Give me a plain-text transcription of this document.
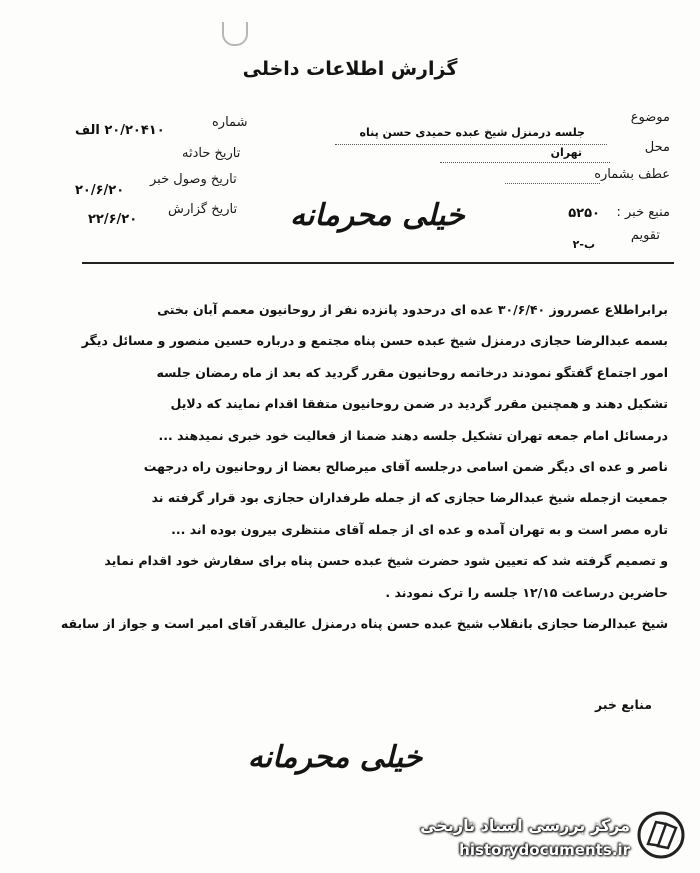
گزارش اطلاعات داخلی
موضوع
جلسه درمنزل شیخ عبده حمیدی حسن پناه
محل
تهران
عطف بشماره
منبع خبر :
۵۲۵۰
تقویم
ب-۲
شماره
۲۰/۲۰۴۱۰ الف
تاریخ حادثه
تاریخ وصول خبر
۲۰/۶/۲۰
تاریخ گزارش
۲۲/۶/۲۰	خیلی محرمانه

برابراطلاع عصرروز ۳۰/۶/۴۰ عده ای درحدود پانزده نفر از روحانیون معمم آبان بختی

بسمه عبدالرضا حجازی درمنزل شیخ عبده حسن پناه مجتمع و درباره حسین منصور و مسائل دیگر

امور اجتماع گفتگو نمودند درخاتمه روحانیون مقرر گردید که بعد از ماه رمضان جلسه

تشکیل دهند و همچنین مقرر گردید در ضمن روحانیون متفقا اقدام نمایند که دلایل

درمسائل امام جمعه تهران تشکیل جلسه دهند ضمنا از فعالیت خود خبری نمیدهند ...

ناصر و عده ای دیگر ضمن اسامی درجلسه آقای میرصالح بعضا از روحانیون راه درجهت

جمعیت ازجمله شیخ عبدالرضا حجازی که از جمله طرفداران حجازی بود قرار گرفته ند

تاره مصر است و به تهران آمده و عده ای از جمله آقای منتظری بیرون بوده اند ...

و تصمیم گرفته شد که تعیین شود حضرت شیخ عبده حسن پناه برای سفارش خود اقدام نماید

حاضرین درساعت ۱۲/۱۵ جلسه را ترک نمودند .

شیخ عبدالرضا حجازی بانقلاب شیخ عبده حسن پناه درمنزل عالیقدر آقای امیر است و جواز از سابقه

منابع خبر
خیلی محرمانه
مرکز بررسی اسناد تاریخی
historydocuments.ir
